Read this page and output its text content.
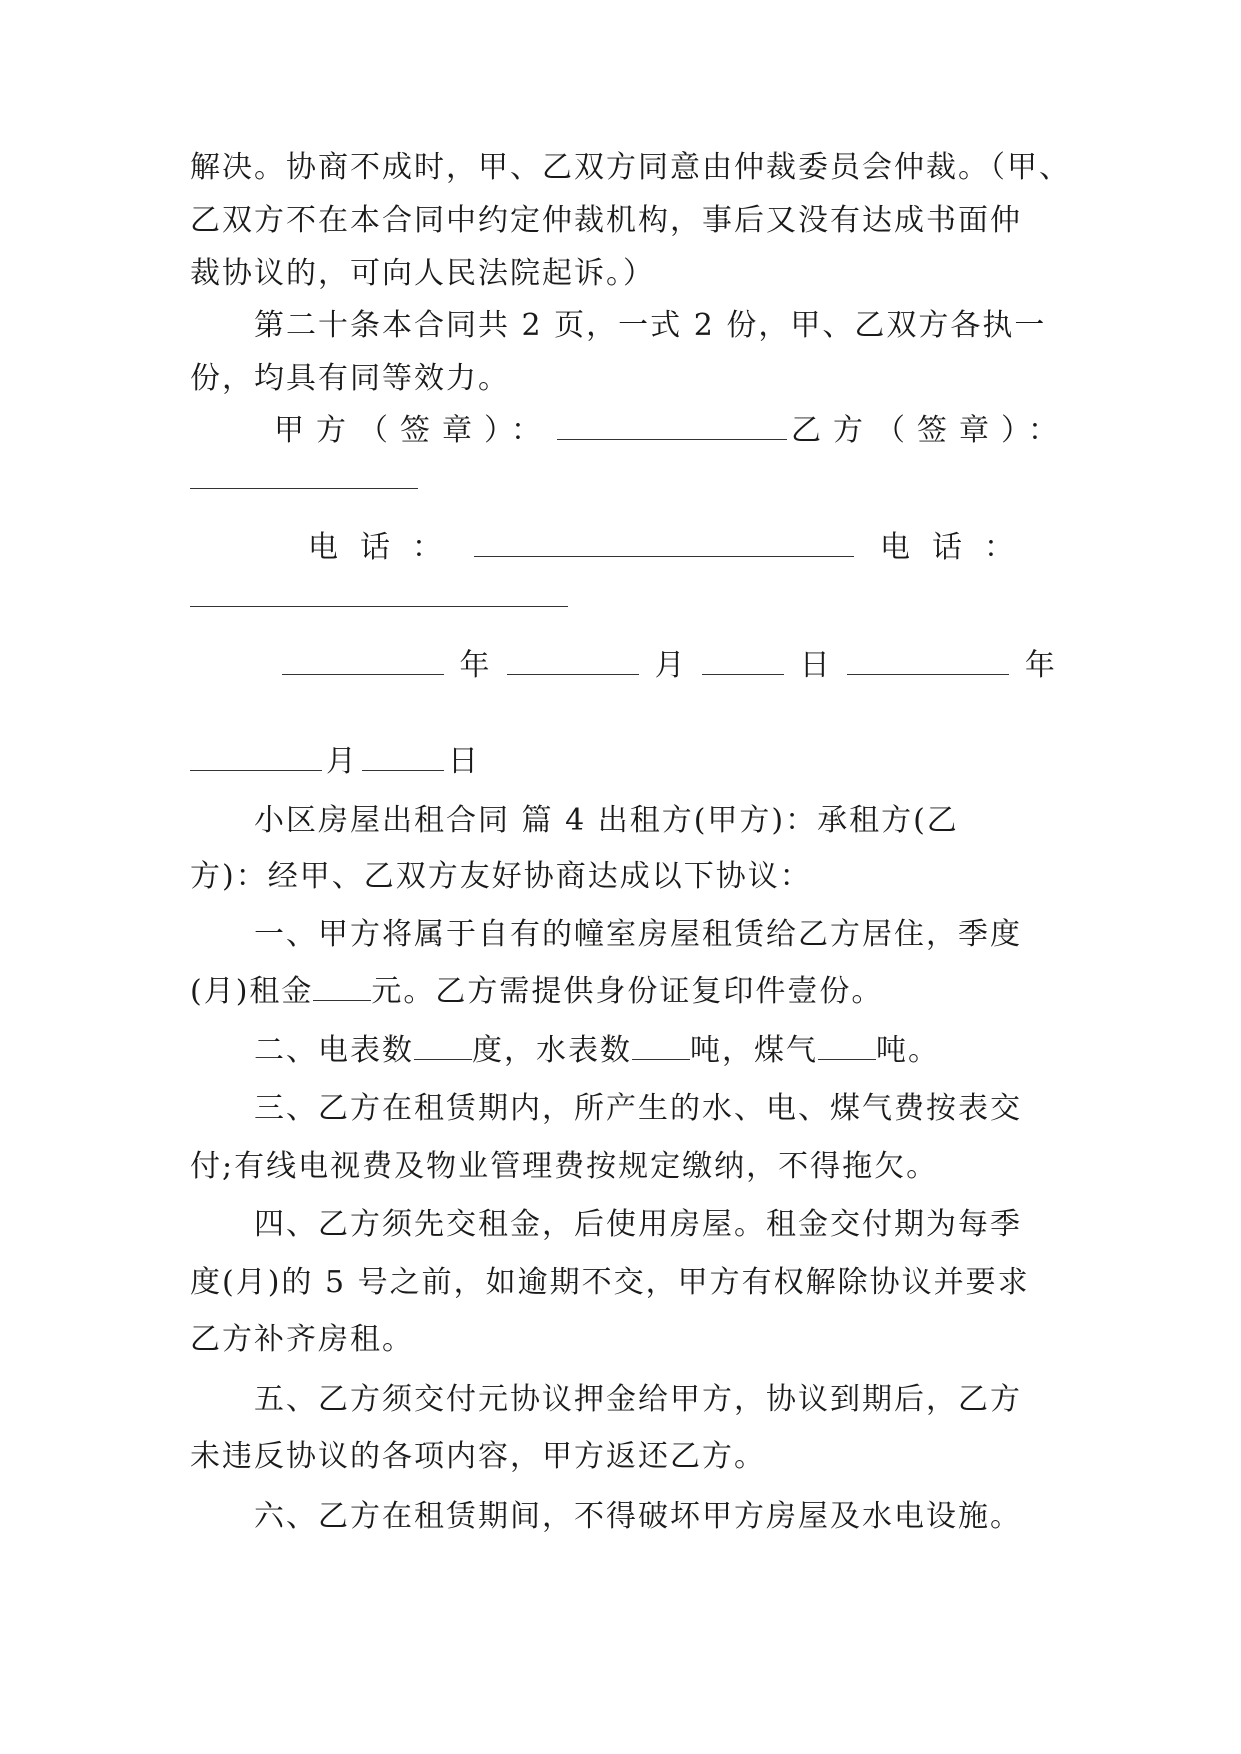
解决。协商不成时，甲、乙双方同意由仲裁委员会仲裁。（甲、
乙双方不在本合同中约定仲裁机构，事后又没有达成书面仲
裁协议的，可向人民法院起诉。）
第二十条本合同共 2 页，一式 2 份，甲、乙双方各执一
份，均具有同等效力。
甲方（签章）：	乙方（签章）：
电话：	电话：
年	月	日	年
月	日
小区房屋出租合同 篇 4 出租方(甲方)：承租方(乙
方)：经甲、乙双方友好协商达成以下协议：
一、甲方将属于自有的幢室房屋租赁给乙方居住，季度
(月)租金 元。乙方需提供身份证复印件壹份。
二、电表数 度，水表数 吨，煤气 吨。
三、乙方在租赁期内，所产生的水、电、煤气费按表交
付;有线电视费及物业管理费按规定缴纳，不得拖欠。
四、乙方须先交租金，后使用房屋。租金交付期为每季
度(月)的 5 号之前，如逾期不交，甲方有权解除协议并要求
乙方补齐房租。
五、乙方须交付元协议押金给甲方，协议到期后，乙方
未违反协议的各项内容，甲方返还乙方。
六、乙方在租赁期间，不得破坏甲方房屋及水电设施。
